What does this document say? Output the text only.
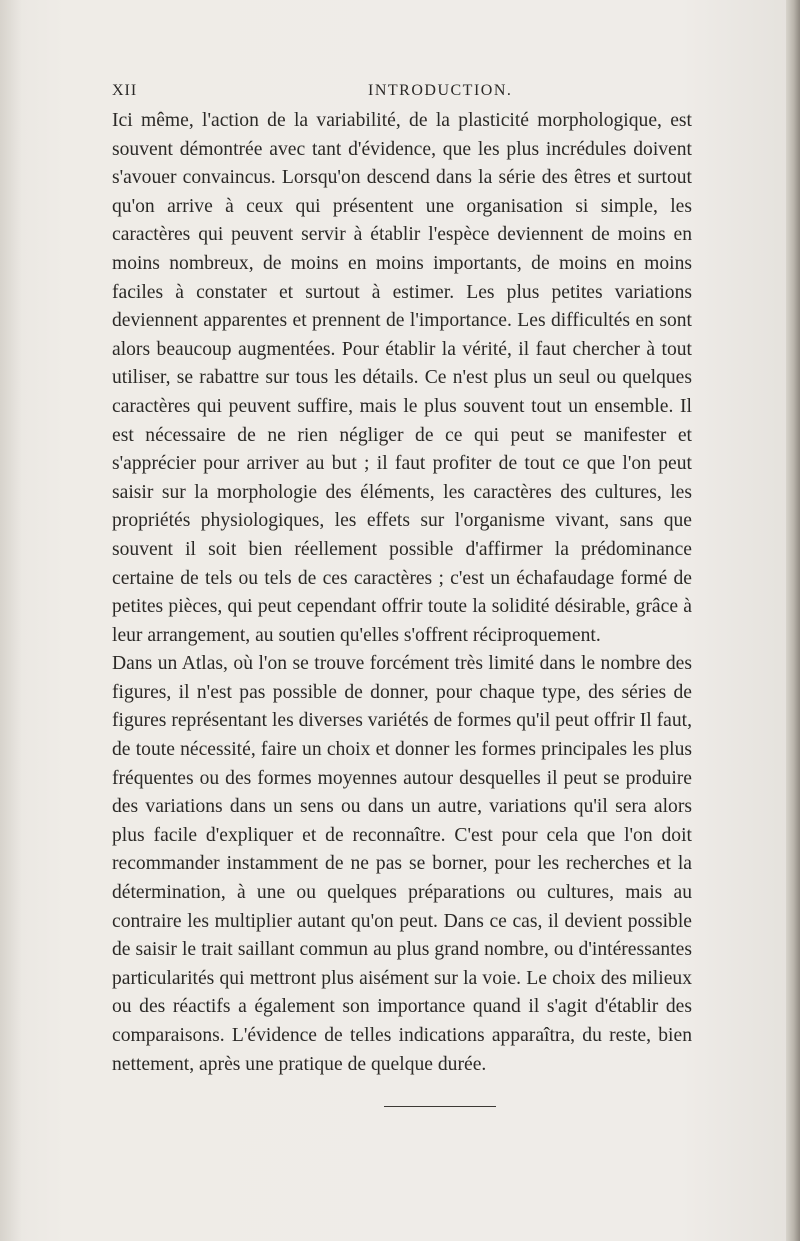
XII	INTRODUCTION.

Ici même, l'action de la variabilité, de la plasticité morphologique, est souvent démontrée avec tant d'évidence, que les plus incrédules doivent s'avouer convaincus. Lorsqu'on descend dans la série des êtres et surtout qu'on arrive à ceux qui présentent une organisation si simple, les caractères qui peuvent servir à établir l'espèce deviennent de moins en moins nombreux, de moins en moins importants, de moins en moins faciles à constater et surtout à estimer. Les plus petites variations deviennent apparentes et prennent de l'importance. Les difficultés en sont alors beaucoup augmentées. Pour établir la vérité, il faut chercher à tout utiliser, se rabattre sur tous les détails. Ce n'est plus un seul ou quelques caractères qui peuvent suffire, mais le plus souvent tout un ensemble. Il est nécessaire de ne rien négliger de ce qui peut se manifester et s'apprécier pour arriver au but ; il faut profiter de tout ce que l'on peut saisir sur la morphologie des éléments, les caractères des cultures, les propriétés physiologiques, les effets sur l'organisme vivant, sans que souvent il soit bien réellement possible d'affirmer la prédominance certaine de tels ou tels de ces caractères ; c'est un échafaudage formé de petites pièces, qui peut cependant offrir toute la solidité désirable, grâce à leur arrangement, au soutien qu'elles s'offrent réciproquement.

Dans un Atlas, où l'on se trouve forcément très limité dans le nombre des figures, il n'est pas possible de donner, pour chaque type, des séries de figures représentant les diverses variétés de formes qu'il peut offrir Il faut, de toute nécessité, faire un choix et donner les formes principales les plus fréquentes ou des formes moyennes autour desquelles il peut se produire des variations dans un sens ou dans un autre, variations qu'il sera alors plus facile d'expliquer et de reconnaître. C'est pour cela que l'on doit recommander instamment de ne pas se borner, pour les recherches et la détermination, à une ou quelques préparations ou cultures, mais au contraire les multiplier autant qu'on peut. Dans ce cas, il devient possible de saisir le trait saillant commun au plus grand nombre, ou d'intéressantes particularités qui mettront plus aisément sur la voie. Le choix des milieux ou des réactifs a également son importance quand il s'agit d'établir des comparaisons. L'évidence de telles indications apparaîtra, du reste, bien nettement, après une pratique de quelque durée.
